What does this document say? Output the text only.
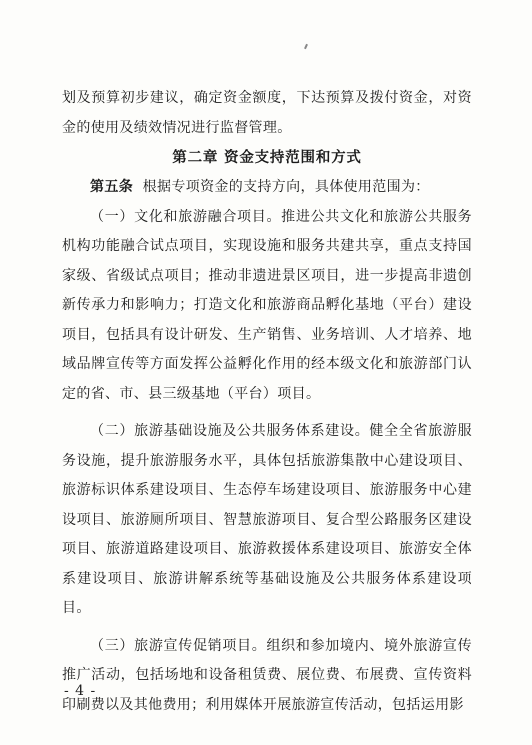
划及预算初步建议，确定资金额度，下达预算及拨付资金，对资金的使用及绩效情况进行监督管理。

第二章 资金支持范围和方式

第五条  根据专项资金的支持方向，具体使用范围为：

（一）文化和旅游融合项目。推进公共文化和旅游公共服务机构功能融合试点项目，实现设施和服务共建共享，重点支持国家级、省级试点项目；推动非遗进景区项目，进一步提高非遗创新传承力和影响力；打造文化和旅游商品孵化基地（平台）建设项目，包括具有设计研发、生产销售、业务培训、人才培养、地域品牌宣传等方面发挥公益孵化作用的经本级文化和旅游部门认定的省、市、县三级基地（平台）项目。

（二）旅游基础设施及公共服务体系建设。健全全省旅游服务设施，提升旅游服务水平，具体包括旅游集散中心建设项目、旅游标识体系建设项目、生态停车场建设项目、旅游服务中心建设项目、旅游厕所项目、智慧旅游项目、复合型公路服务区建设项目、旅游道路建设项目、旅游救援体系建设项目、旅游安全体系建设项目、旅游讲解系统等基础设施及公共服务体系建设项目。

（三）旅游宣传促销项目。组织和参加境内、境外旅游宣传推广活动，包括场地和设备租赁费、展位费、布展费、宣传资料印刷费以及其他费用；利用媒体开展旅游宣传活动，包括运用影

- 4 -
